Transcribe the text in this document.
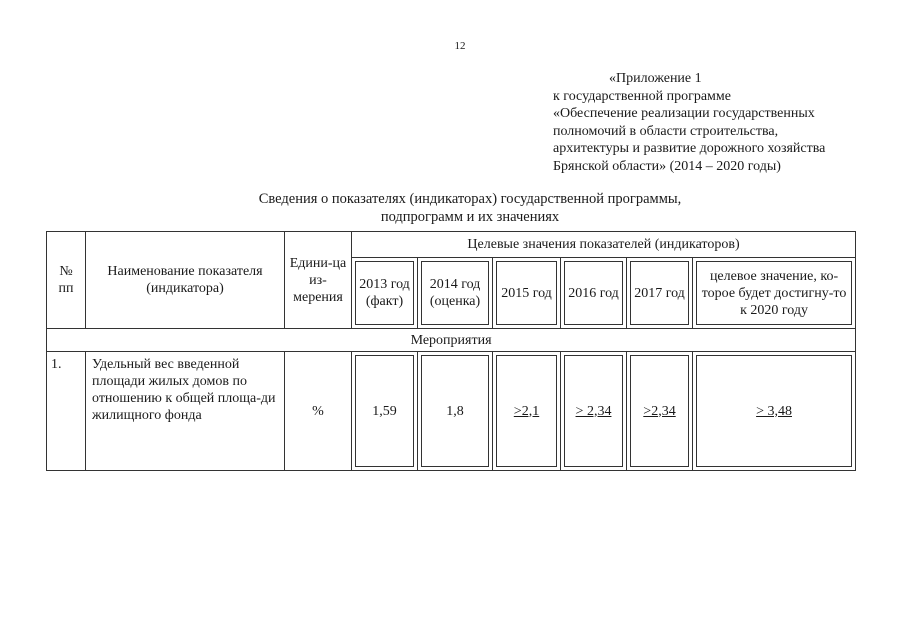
12
«Приложение 1
к государственной программе
«Обеспечение реализации государственных
полномочий в области строительства,
архитектуры и развитие дорожного хозяйства
Брянской области» (2014 – 2020 годы)
Сведения о показателях (индикаторах) государственной программы,
подпрограмм и их значениях
№ пп	Наименование показателя (индикатора)	Едини-ца из-мерения	Целевые значения показателей (индикаторов)					
			2013 год (факт)	2014 год (оценка)	2015 год	2016 год	2017 год	целевое значение, ко-торое будет достигну-то к 2020 году
Мероприятия								
1.	Удельный вес введенной площади жилых домов по отношению к общей площа-ди жилищного фонда	%	1,59	1,8	>2,1	> 2,34	>2,34	> 3,48
